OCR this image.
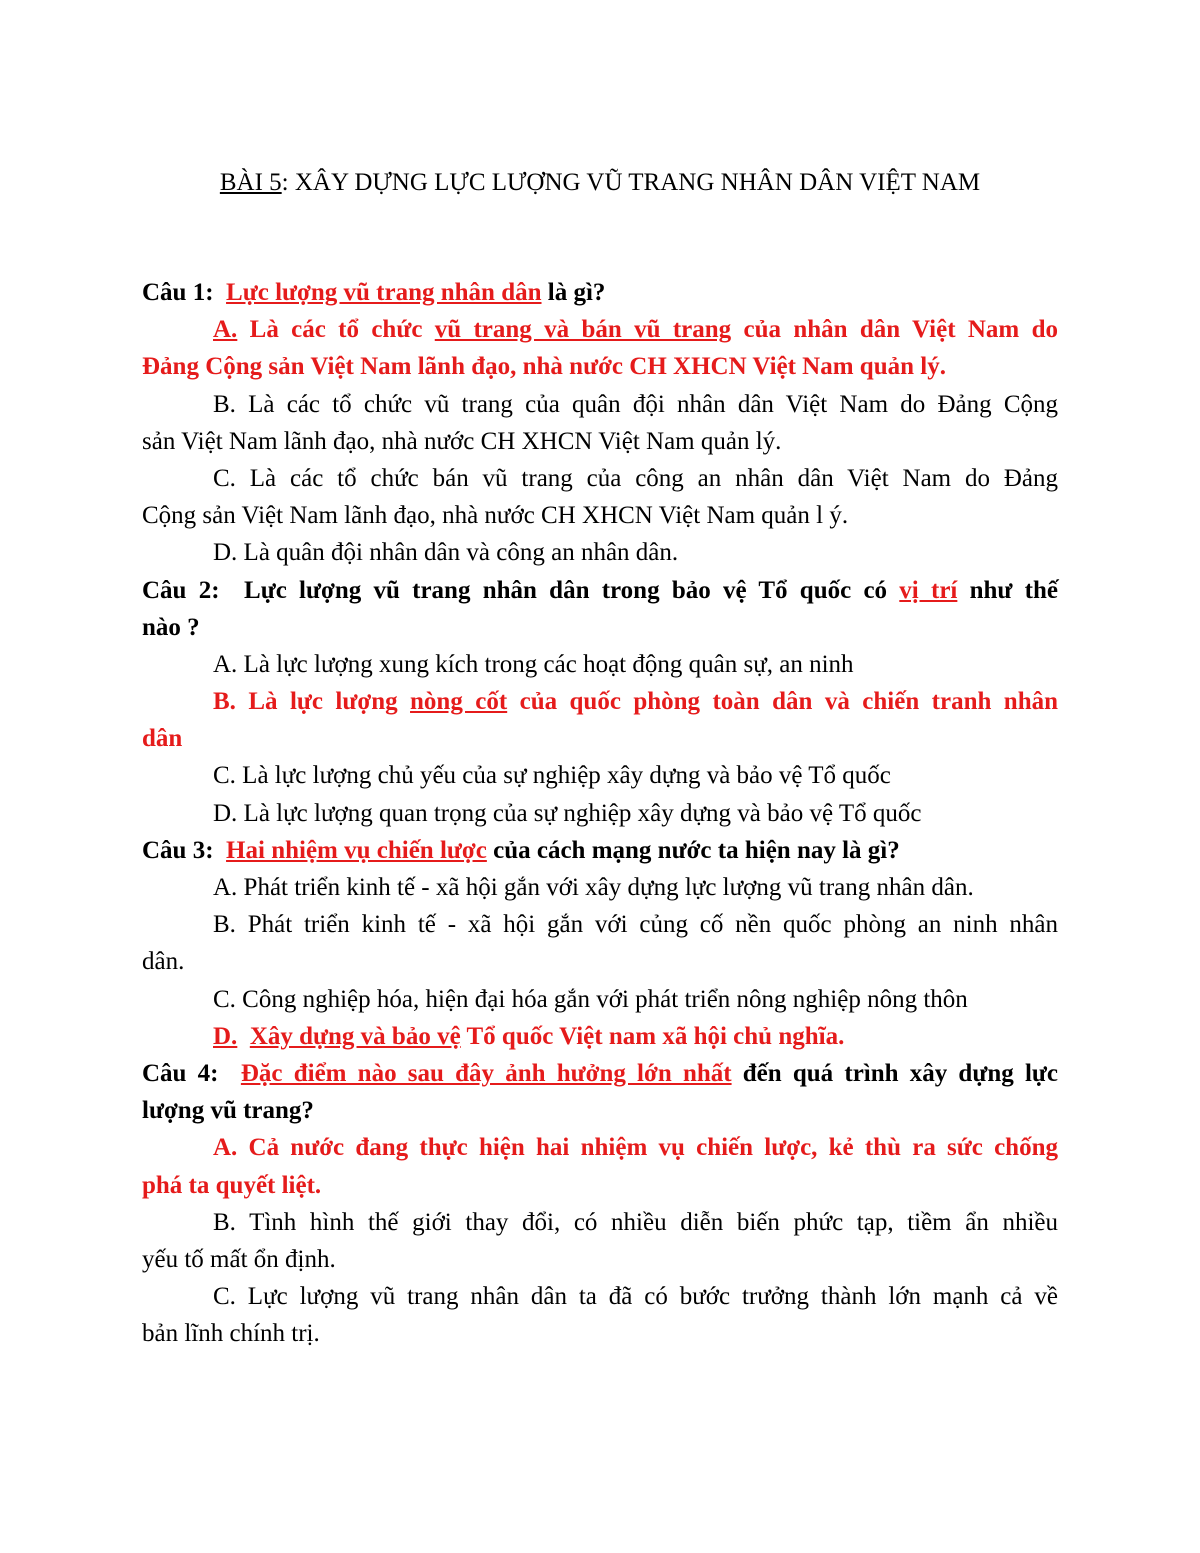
BÀI 5: XÂY DỰNG LỰC LƯỢNG VŨ TRANG NHÂN DÂN VIỆT NAM
Câu 1: Lực lượng vũ trang nhân dân là gì?
A. Là các tổ chức vũ trang và bán vũ trang của nhân dân Việt Nam do
Đảng Cộng sản Việt Nam lãnh đạo, nhà nước CH XHCN Việt Nam quản lý.
B. Là các tổ chức vũ trang của quân đội nhân dân Việt Nam do Đảng Cộng
sản Việt Nam lãnh đạo, nhà nước CH XHCN Việt Nam quản lý.
C. Là các tổ chức bán vũ trang của công an nhân dân Việt Nam do Đảng
Cộng sản Việt Nam lãnh đạo, nhà nước CH XHCN Việt Nam quản l ý.
D. Là quân đội nhân dân và công an nhân dân.
Câu 2: Lực lượng vũ trang nhân dân trong bảo vệ Tổ quốc có vị trí như thế
nào ?
A. Là lực lượng xung kích trong các hoạt động quân sự, an ninh
B. Là lực lượng nòng cốt của quốc phòng toàn dân và chiến tranh nhân
dân
C. Là lực lượng chủ yếu của sự nghiệp xây dựng và bảo vệ Tổ quốc
D. Là lực lượng quan trọng của sự nghiệp xây dựng và bảo vệ Tổ quốc
Câu 3: Hai nhiệm vụ chiến lược của cách mạng nước ta hiện nay là gì?
A. Phát triển kinh tế - xã hội gắn với xây dựng lực lượng vũ trang nhân dân.
B. Phát triển kinh tế - xã hội gắn với củng cố nền quốc phòng an ninh nhân
dân.
C. Công nghiệp hóa, hiện đại hóa gắn với phát triển nông nghiệp nông thôn
D. Xây dựng và bảo vệ Tổ quốc Việt nam xã hội chủ nghĩa.
Câu 4: Đặc điểm nào sau đây ảnh hưởng lớn nhất đến quá trình xây dựng lực
lượng vũ trang?
A. Cả nước đang thực hiện hai nhiệm vụ chiến lược, kẻ thù ra sức chống
phá ta quyết liệt.
B. Tình hình thế giới thay đổi, có nhiều diễn biến phức tạp, tiềm ẩn nhiều
yếu tố mất ổn định.
C. Lực lượng vũ trang nhân dân ta đã có bước trưởng thành lớn mạnh cả về
bản lĩnh chính trị.
